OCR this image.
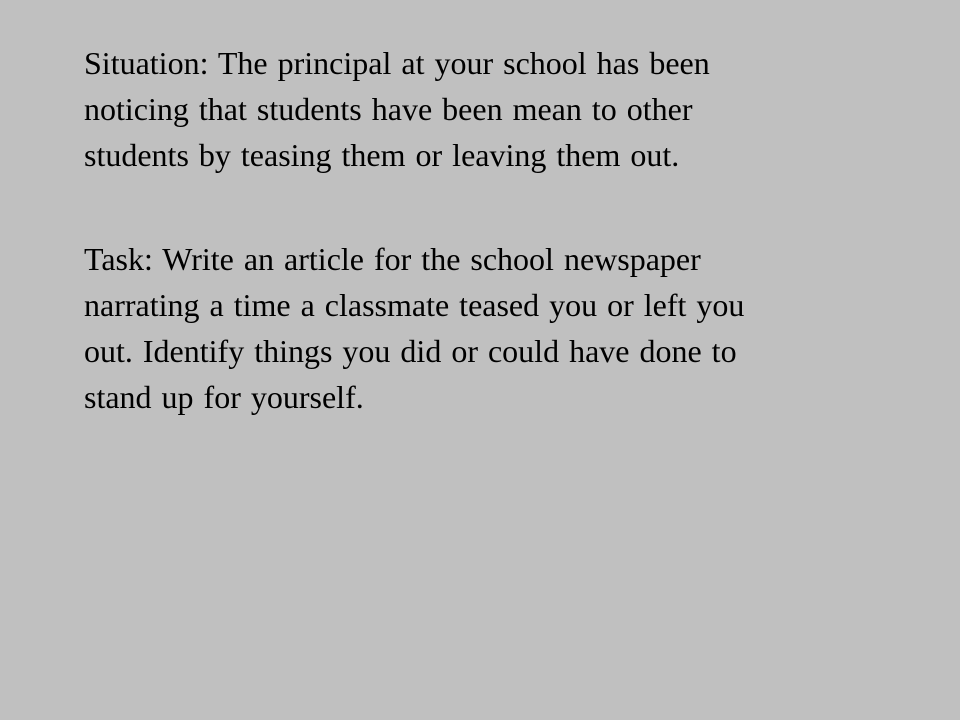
Situation: The principal at your school has been
noticing that students have been mean to other
students by teasing them or leaving them out.

Task: Write an article for the school newspaper
narrating a time a classmate teased you or left you
out. Identify things you did or could have done to
stand up for yourself.
